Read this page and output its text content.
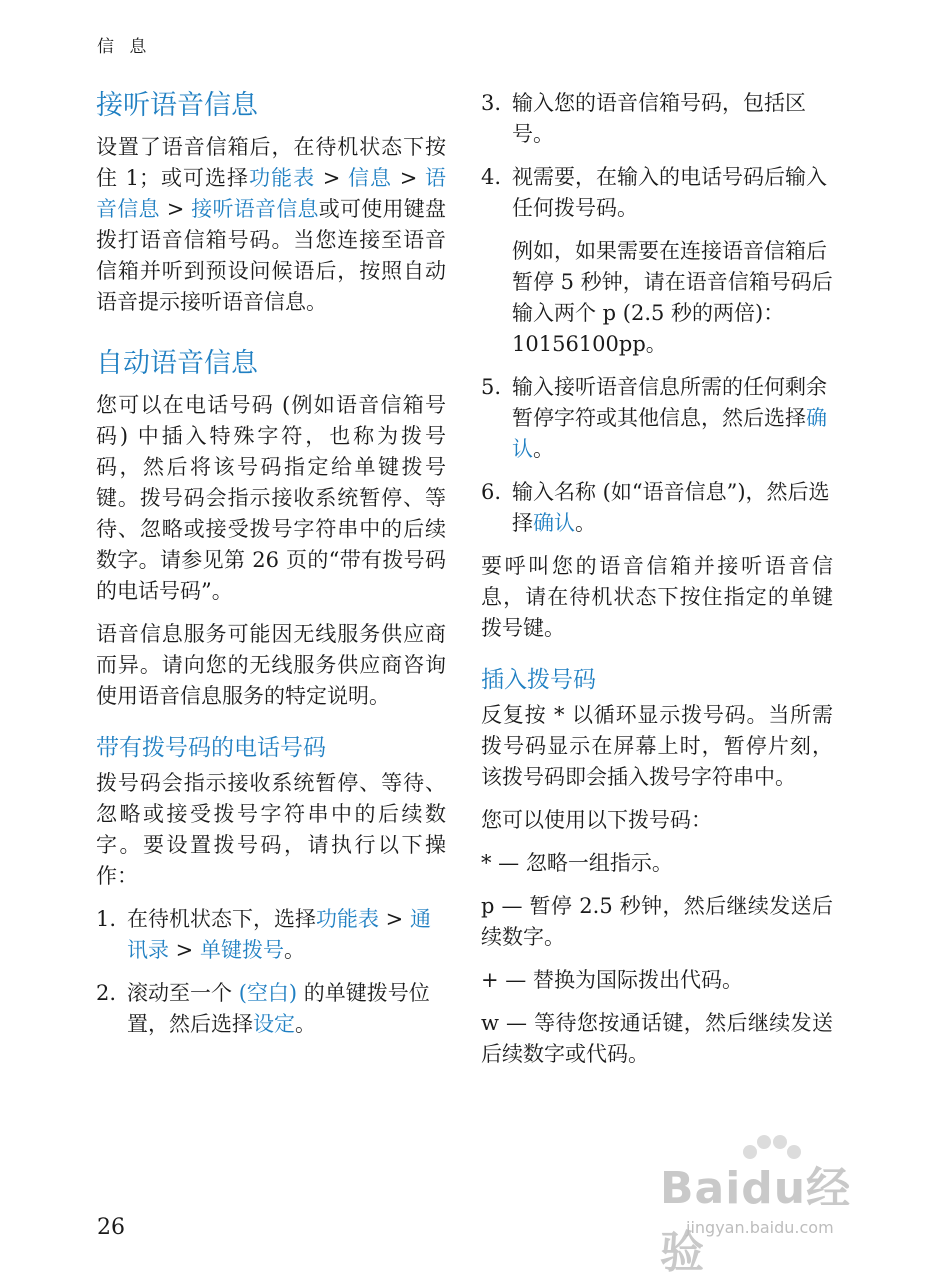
信 息
接听语音信息

设置了语音信箱后，在待机状态下按住 1；或可选择功能表 > 信息 > 语音信息 > 接听语音信息或可使用键盘拨打语音信箱号码。当您连接至语音信箱并听到预设问候语后，按照自动语音提示接听语音信息。

自动语音信息

您可以在电话号码 (例如语音信箱号码) 中插入特殊字符，也称为拨号码，然后将该号码指定给单键拨号键。拨号码会指示接收系统暂停、等待、忽略或接受拨号字符串中的后续数字。请参见第 26 页的“带有拨号码的电话号码”。

语音信息服务可能因无线服务供应商而异。请向您的无线服务供应商咨询使用语音信息服务的特定说明。

带有拨号码的电话号码

拨号码会指示接收系统暂停、等待、忽略或接受拨号字符串中的后续数字。要设置拨号码，请执行以下操作：

1. 在待机状态下，选择功能表 > 通讯录 > 单键拨号。
2. 滚动至一个 (空白) 的单键拨号位置，然后选择设定。
3. 输入您的语音信箱号码，包括区号。
4. 视需要，在输入的电话号码后输入任何拨号码。

例如，如果需要在连接语音信箱后暂停 5 秒钟，请在语音信箱号码后输入两个 p (2.5 秒的两倍)：10156100pp。

5. 输入接听语音信息所需的任何剩余暂停字符或其他信息，然后选择确认。
6. 输入名称 (如“语音信息”)，然后选择确认。

要呼叫您的语音信箱并接听语音信息，请在待机状态下按住指定的单键拨号键。

插入拨号码

反复按 * 以循环显示拨号码。当所需拨号码显示在屏幕上时，暂停片刻，该拨号码即会插入拨号字符串中。

您可以使用以下拨号码：

* — 忽略一组指示。

p — 暂停 2.5 秒钟，然后继续发送后续数字。

+ — 替换为国际拨出代码。

w — 等待您按通话键，然后继续发送后续数字或代码。

26
Baidu经验
jingyan.baidu.com
